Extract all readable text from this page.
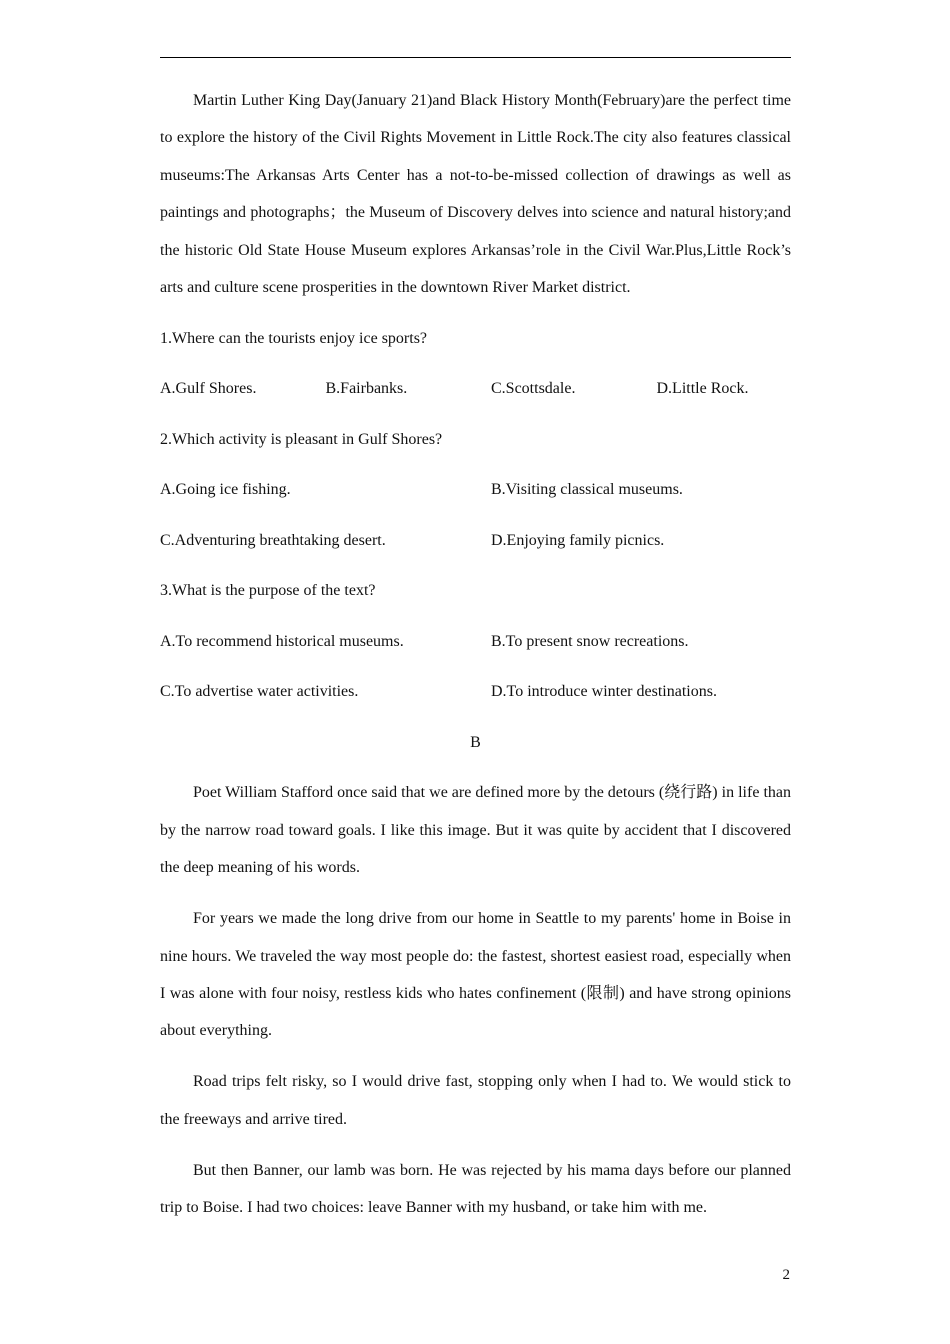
Martin Luther King Day(January 21)and Black History Month(February)are the perfect time to explore the history of the Civil Rights Movement in Little Rock.The city also features classical museums:The Arkansas Arts Center has a not-to-be-missed collection of drawings as well as paintings and photographs；the Museum of Discovery delves into science and natural history;and the historic Old State House Museum explores Arkansas’role in the Civil War.Plus,Little Rock’s arts and culture scene prosperities in the downtown River Market district.

1.Where can the tourists enjoy ice sports?

A.Gulf Shores.	B.Fairbanks.	C.Scottsdale.	D.Little Rock.

2.Which activity is pleasant in Gulf Shores?

A.Going ice fishing.	B.Visiting classical museums.
C.Adventuring breathtaking desert.	D.Enjoying family picnics.

3.What is the purpose of the text?

A.To recommend historical museums.	B.To present snow recreations.
C.To advertise water activities.	D.To introduce winter destinations.

B

Poet William Stafford once said that we are defined more by the detours (绕行路) in life than by the narrow road toward goals. I like this image. But it was quite by accident that I discovered the deep meaning of his words.

For years we made the long drive from our home in Seattle to my parents' home in Boise in nine hours. We traveled the way most people do: the fastest, shortest easiest road, especially when I was alone with four noisy, restless kids who hates confinement (限制) and have strong opinions about everything.

Road trips felt risky, so I would drive fast, stopping only when I had to. We would stick to the freeways and arrive tired.

But then Banner, our lamb was born. He was rejected by his mama days before our planned trip to Boise. I had two choices: leave Banner with my husband, or take him with me.

2
